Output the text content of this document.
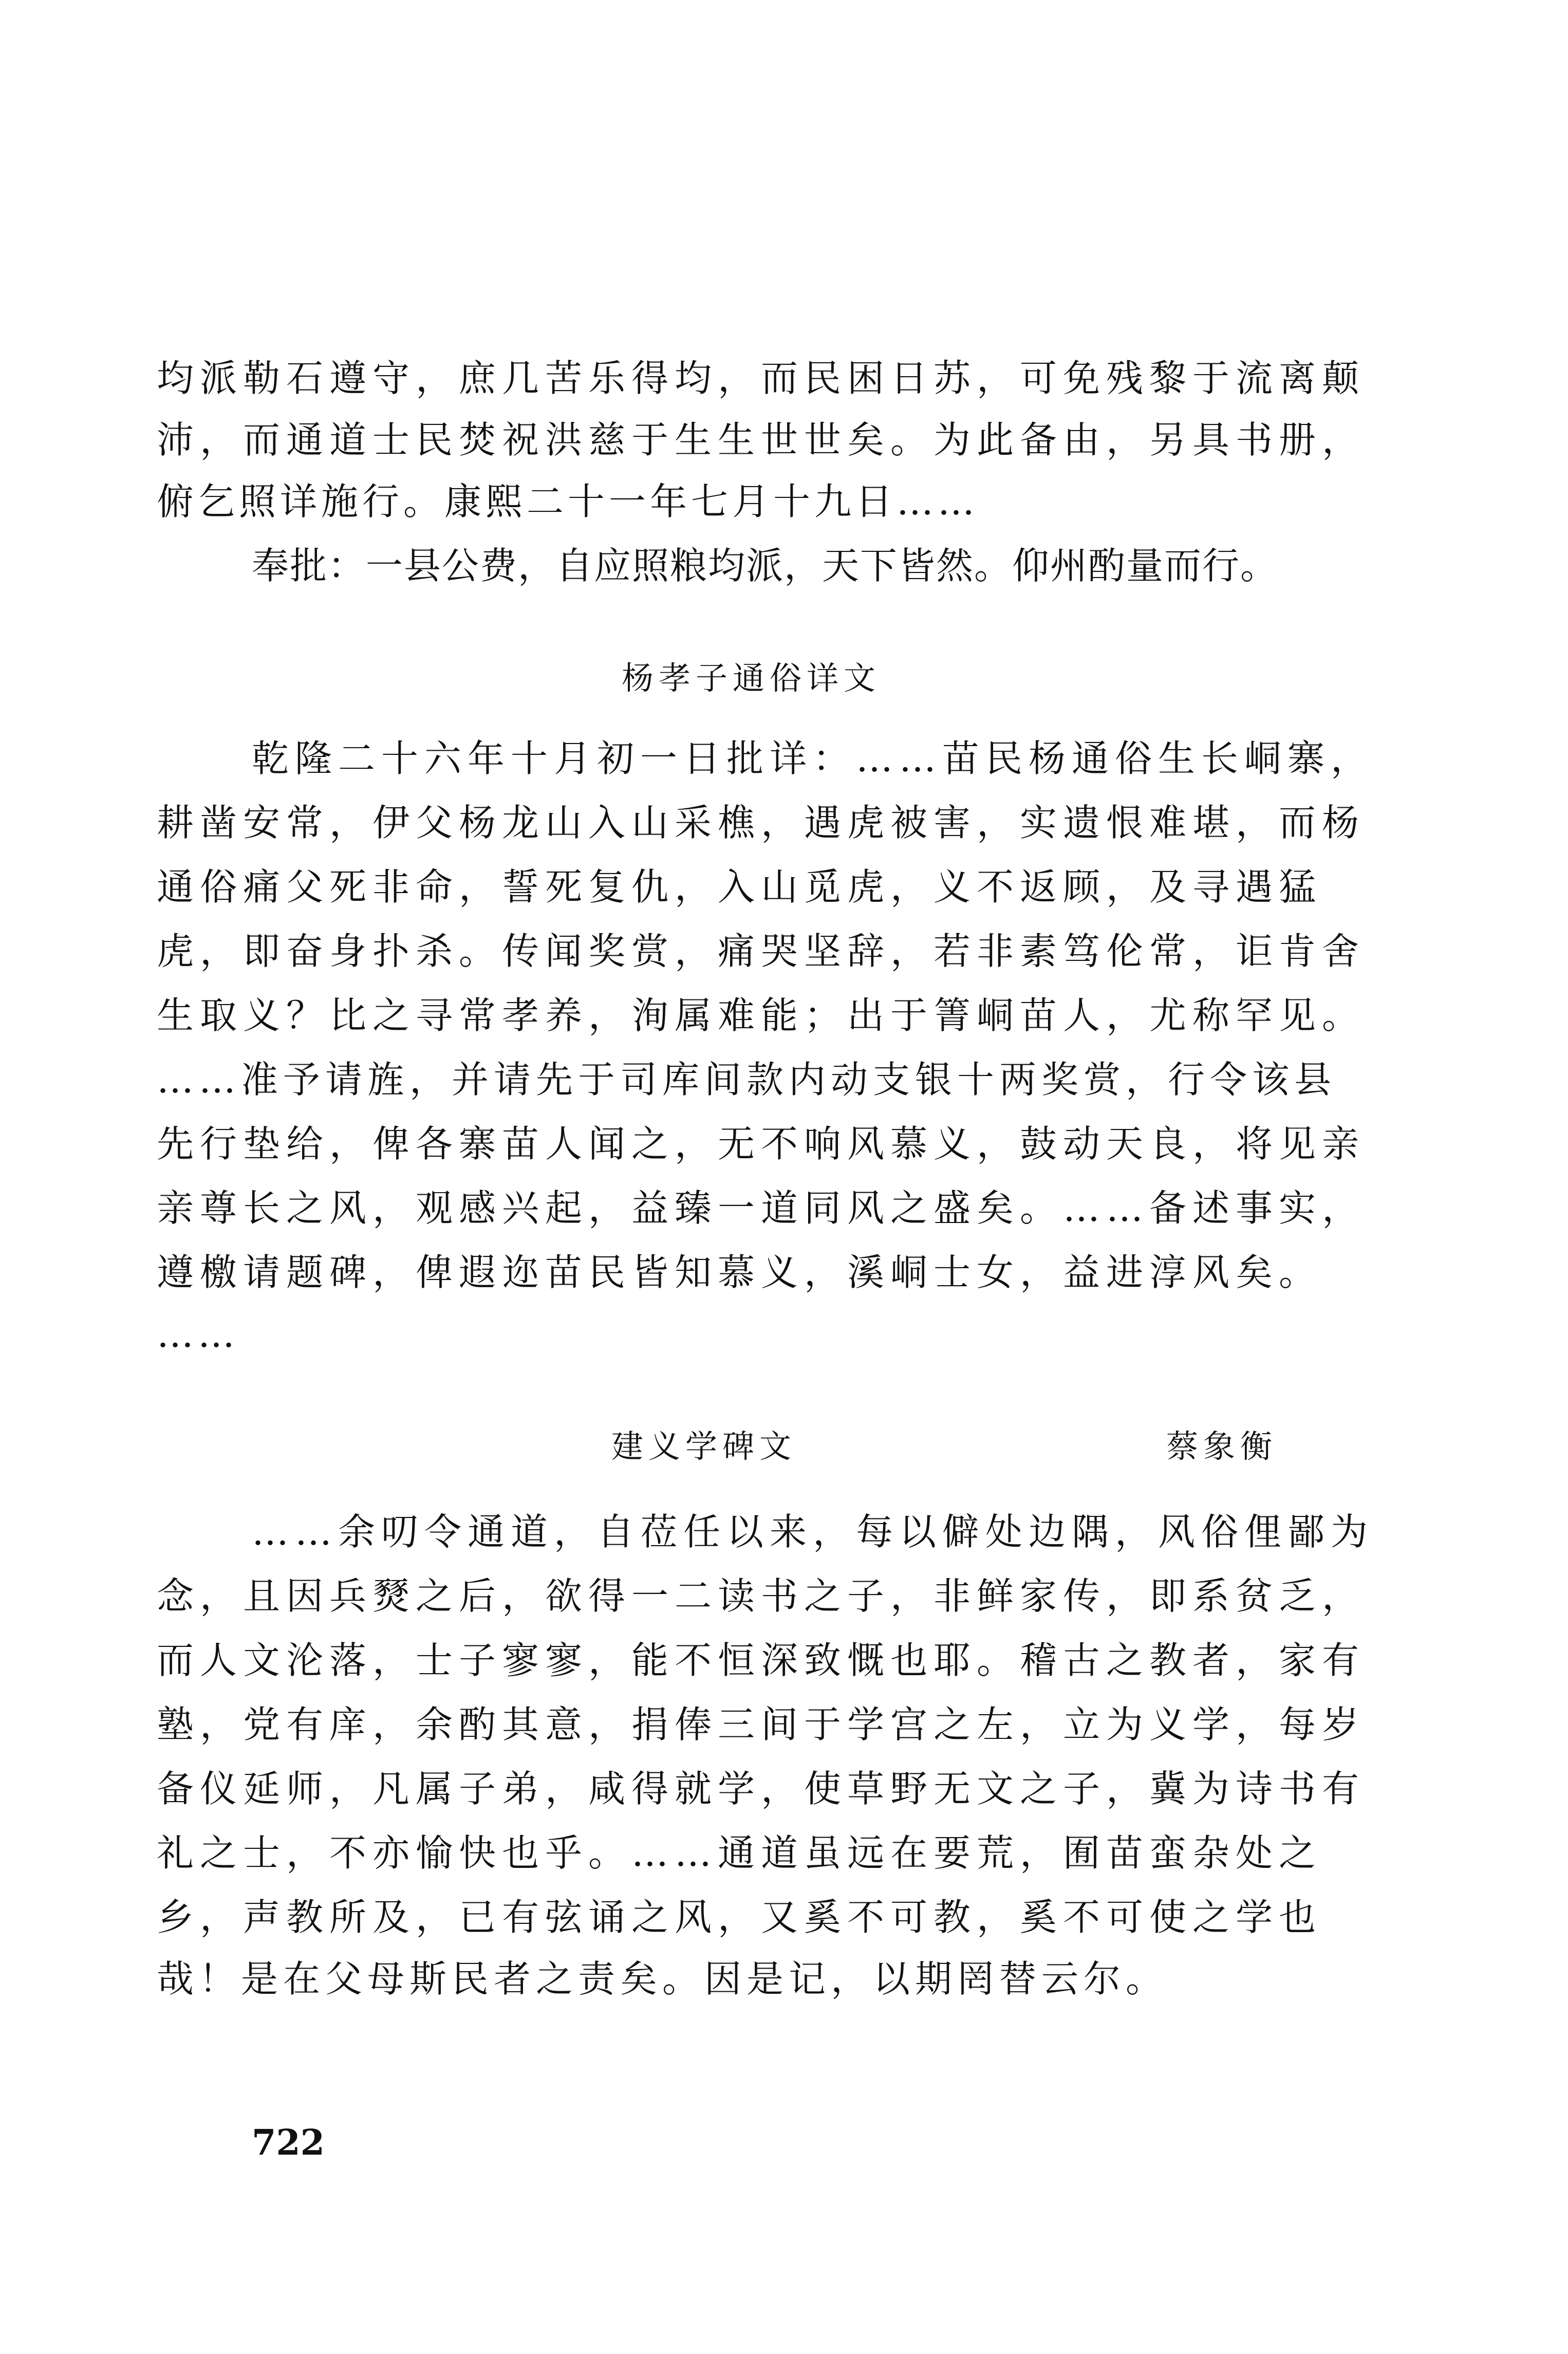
均派勒石遵守，庶几苦乐得均，而民困日苏，可免残黎于流离颠
沛，而通道士民焚祝洪慈于生生世世矣。为此备由，另具书册，
俯乞照详施行。康熙二十一年七月十九日……
奉批：一县公费，自应照粮均派，天下皆然。仰州酌量而行。
杨孝子通俗详文
乾隆二十六年十月初一日批详：……苗民杨通俗生长峒寨，
耕凿安常，伊父杨龙山入山采樵，遇虎被害，实遗恨难堪，而杨
通俗痛父死非命，誓死复仇，入山觅虎，义不返顾，及寻遇猛
虎，即奋身扑杀。传闻奖赏，痛哭坚辞，若非素笃伦常，讵肯舍
生取义？比之寻常孝养，洵属难能；出于箐峒苗人，尤称罕见。
……准予请旌，并请先于司库间款内动支银十两奖赏，行令该县
先行垫给，俾各寨苗人闻之，无不响风慕义，鼓动天良，将见亲
亲尊长之风，观感兴起，益臻一道同风之盛矣。……备述事实，
遵檄请题碑，俾遐迩苗民皆知慕义，溪峒士女，益进淳风矣。
……
建义学碑文	蔡象衡
……余叨令通道，自莅任以来，每以僻处边隅，风俗俚鄙为
念，且因兵燹之后，欲得一二读书之子，非鲜家传，即系贫乏，
而人文沦落，士子寥寥，能不恒深致慨也耶。稽古之教者，家有
塾，党有庠，余酌其意，捐俸三间于学宫之左，立为义学，每岁
备仪延师，凡属子弟，咸得就学，使草野无文之子，冀为诗书有
礼之士，不亦愉快也乎。……通道虽远在要荒，囿苗蛮杂处之
乡，声教所及，已有弦诵之风，又奚不可教，奚不可使之学也
哉！是在父母斯民者之责矣。因是记，以期罔替云尔。
722
